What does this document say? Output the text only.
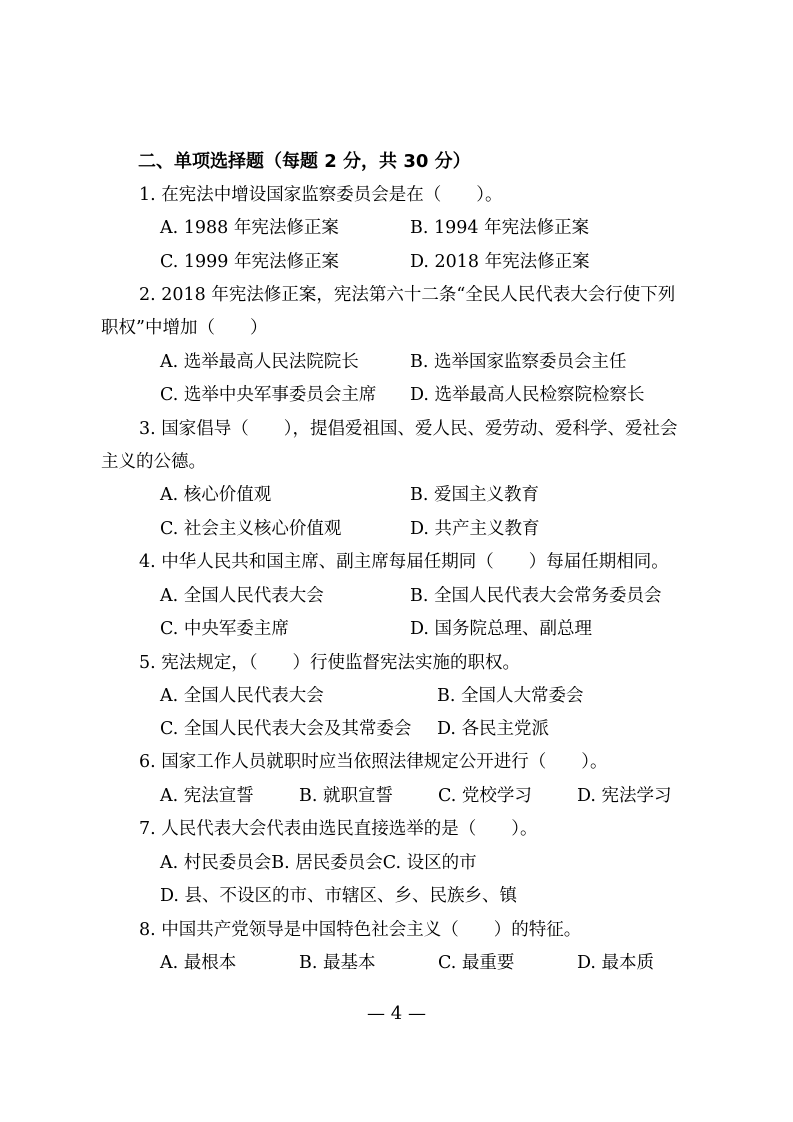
二、单项选择题（每题 2 分，共 30 分）
1. 在宪法中增设国家监察委员会是在（　　）。
A. 1988 年宪法修正案	B. 1994 年宪法修正案
C. 1999 年宪法修正案	D. 2018 年宪法修正案
2. 2018 年宪法修正案，宪法第六十二条“全民人民代表大会行使下列
职权”中增加（　　）
A. 选举最高人民法院院长	B. 选举国家监察委员会主任
C. 选举中央军事委员会主席 D. 选举最高人民检察院检察长
3. 国家倡导（　　），提倡爱祖国、爱人民、爱劳动、爱科学、爱社会
主义的公德。
A. 核心价值观	B. 爱国主义教育
C. 社会主义核心价值观	D. 共产主义教育
4. 中华人民共和国主席、副主席每届任期同（　　）每届任期相同。
A. 全国人民代表大会	B. 全国人民代表大会常务委员会
C. 中央军委主席	D. 国务院总理、副总理
5. 宪法规定，（　　）行使监督宪法实施的职权。
A. 全国人民代表大会	B. 全国人大常委会
C. 全国人民代表大会及其常委会 D. 各民主党派
6. 国家工作人员就职时应当依照法律规定公开进行（　　）。
A. 宪法宣誓	B. 就职宣誓	C. 党校学习	D. 宪法学习
7. 人民代表大会代表由选民直接选举的是（　　）。
A. 村民委员会B. 居民委员会C. 设区的市
D. 县、不设区的市、市辖区、乡、民族乡、镇
8. 中国共产党领导是中国特色社会主义（　　）的特征。
A. 最根本	B. 最基本	C. 最重要	D. 最本质
— 4 —
